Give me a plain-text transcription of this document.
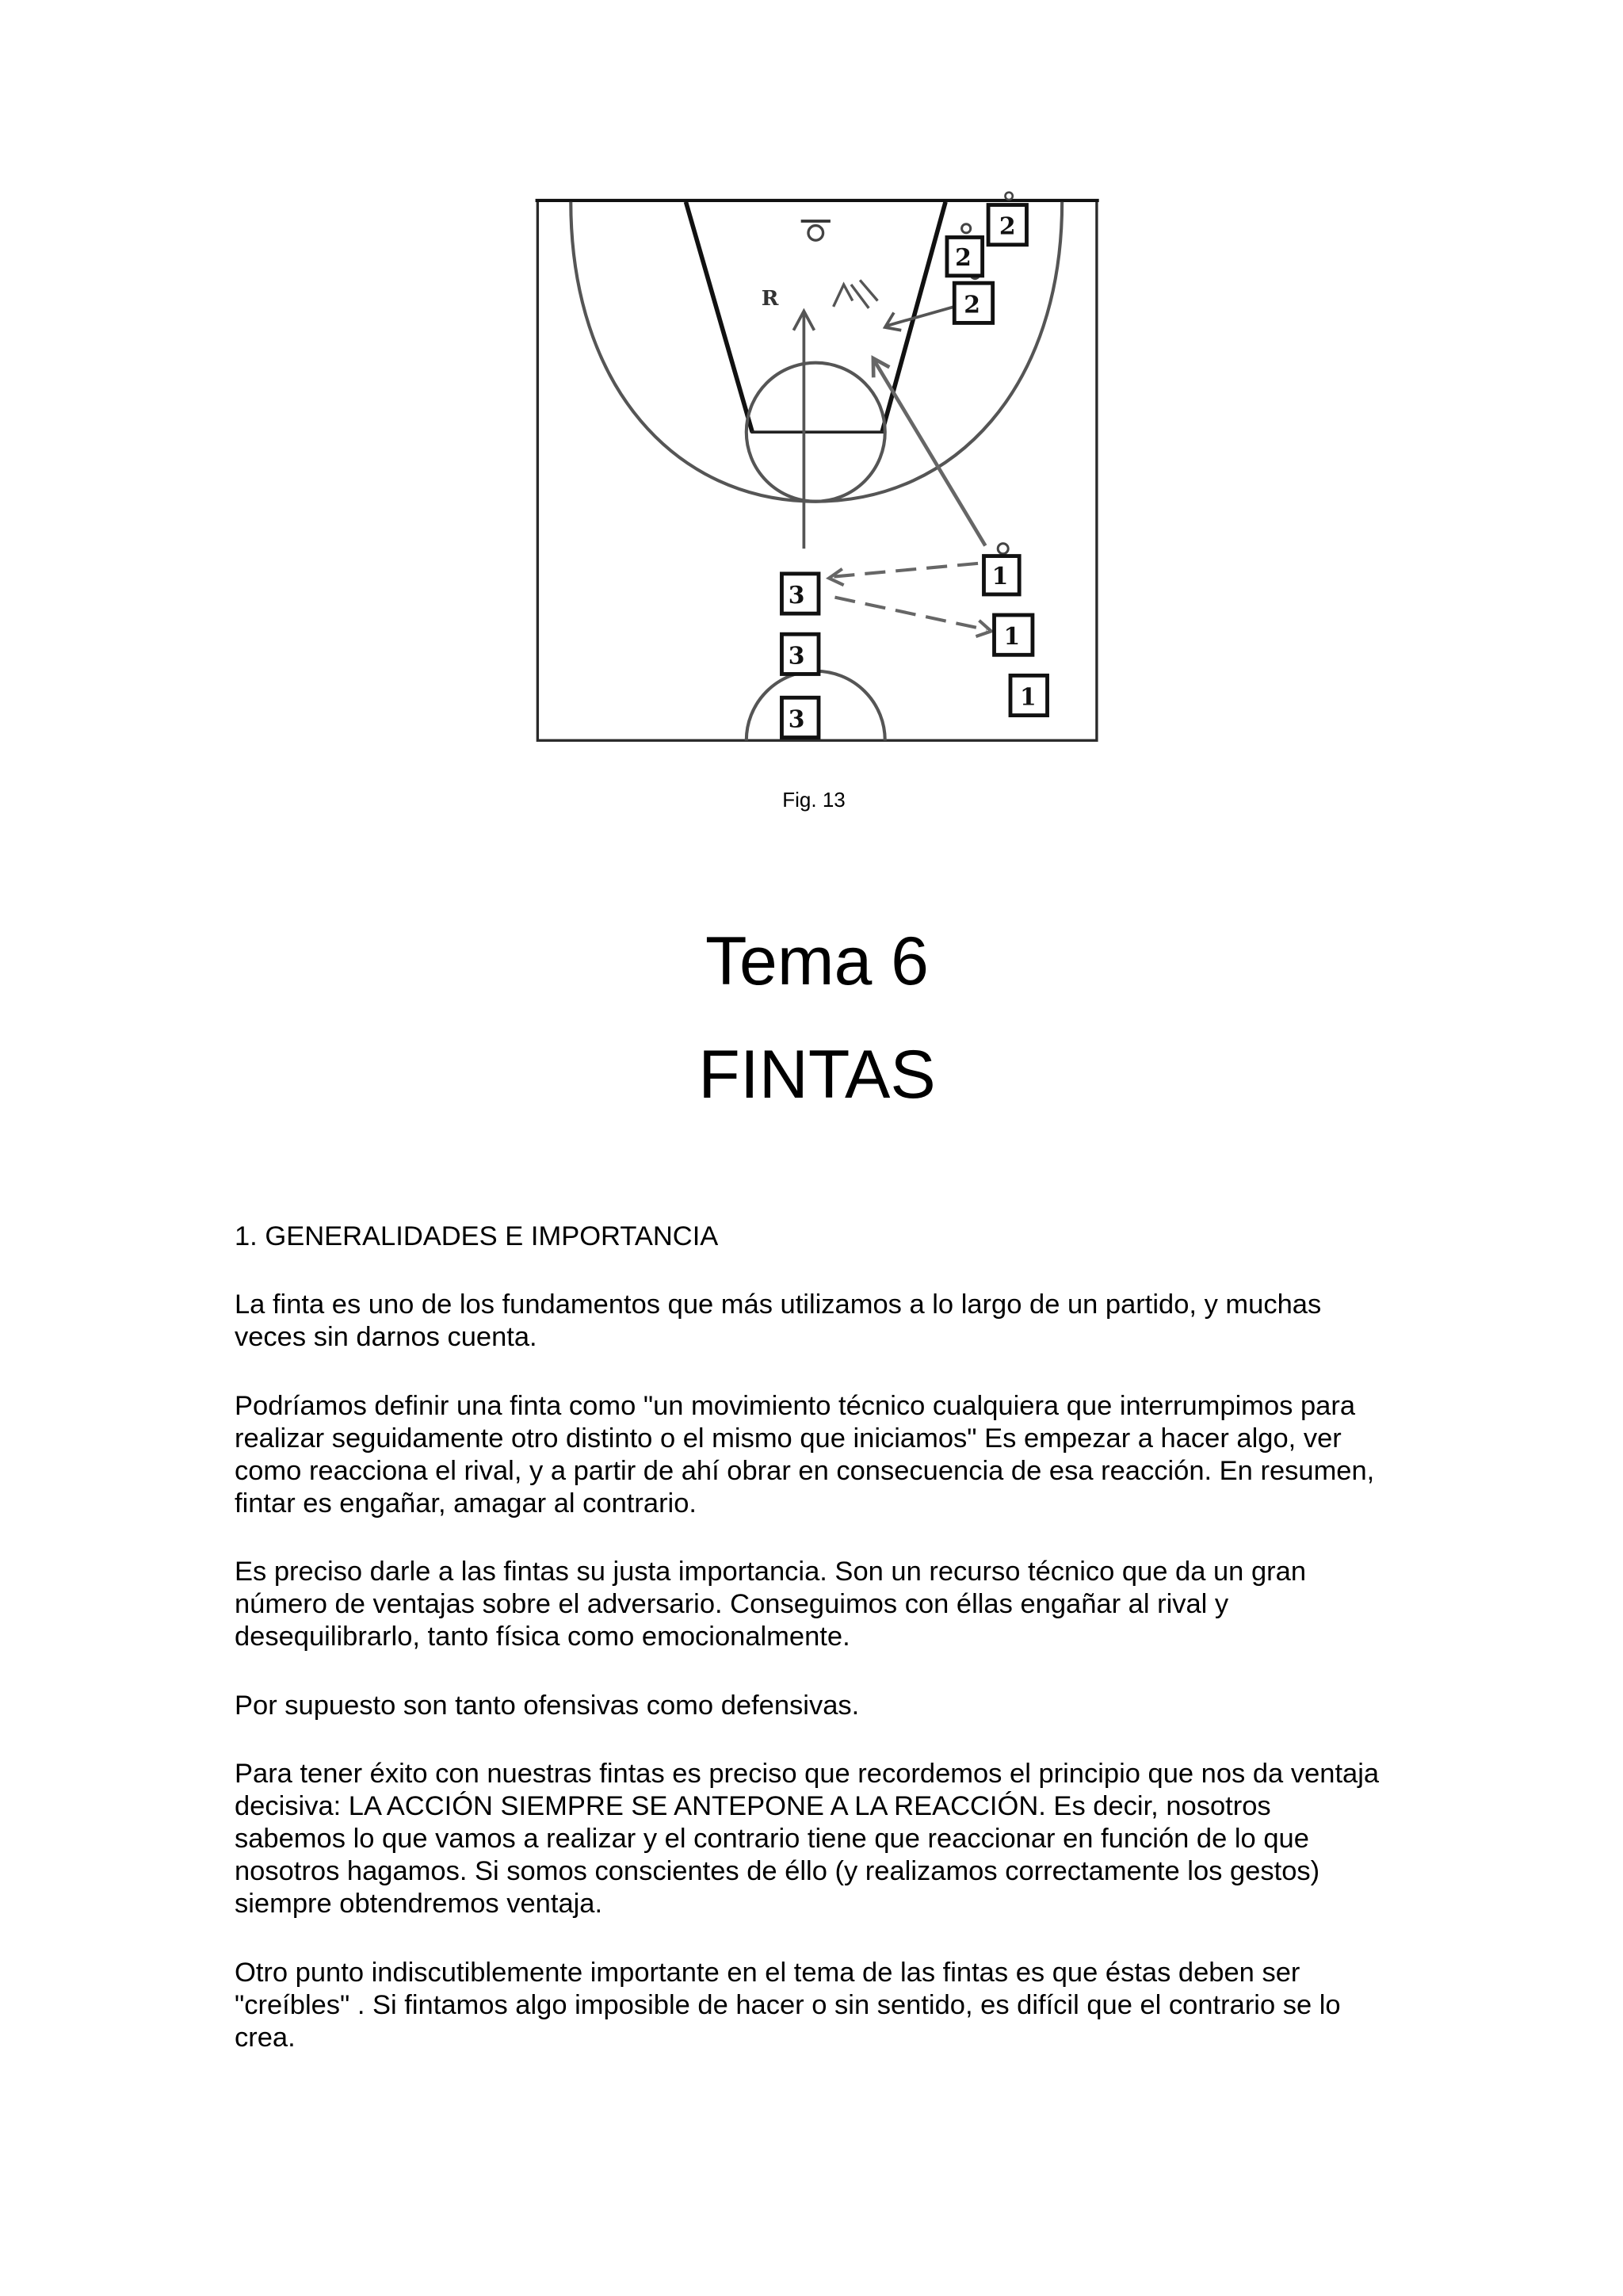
R
2
2
2
1
1
1
3
3
3
Fig. 13
Tema 6
FINTAS
1. GENERALIDADES E IMPORTANCIA
La finta es uno de los fundamentos que más utilizamos a lo largo de un partido, y muchas
veces sin darnos cuenta.
Podríamos definir una finta como "un movimiento técnico cualquiera que interrumpimos para
realizar seguidamente otro distinto o el mismo que iniciamos" Es empezar a hacer algo, ver
como reacciona el rival, y a partir de ahí obrar en consecuencia de esa reacción. En resumen,
fintar es engañar, amagar al contrario.
Es preciso darle a las fintas su justa importancia. Son un recurso técnico que da un gran
número de ventajas sobre el adversario. Conseguimos con éllas engañar al rival y
desequilibrarlo, tanto física como emocionalmente.
Por supuesto son tanto ofensivas como defensivas.
Para tener éxito con nuestras fintas es preciso que recordemos el principio que nos da ventaja
decisiva: LA ACCIÓN SIEMPRE SE ANTEPONE A LA REACCIÓN. Es decir, nosotros
sabemos lo que vamos a realizar y el contrario tiene que reaccionar en función de lo que
nosotros hagamos. Si somos conscientes de éllo (y realizamos correctamente los gestos)
siempre obtendremos ventaja.
Otro punto indiscutiblemente importante en el tema de las fintas es que éstas deben ser
"creíbles" . Si fintamos algo imposible de hacer o sin sentido, es difícil que el contrario se lo
crea.
